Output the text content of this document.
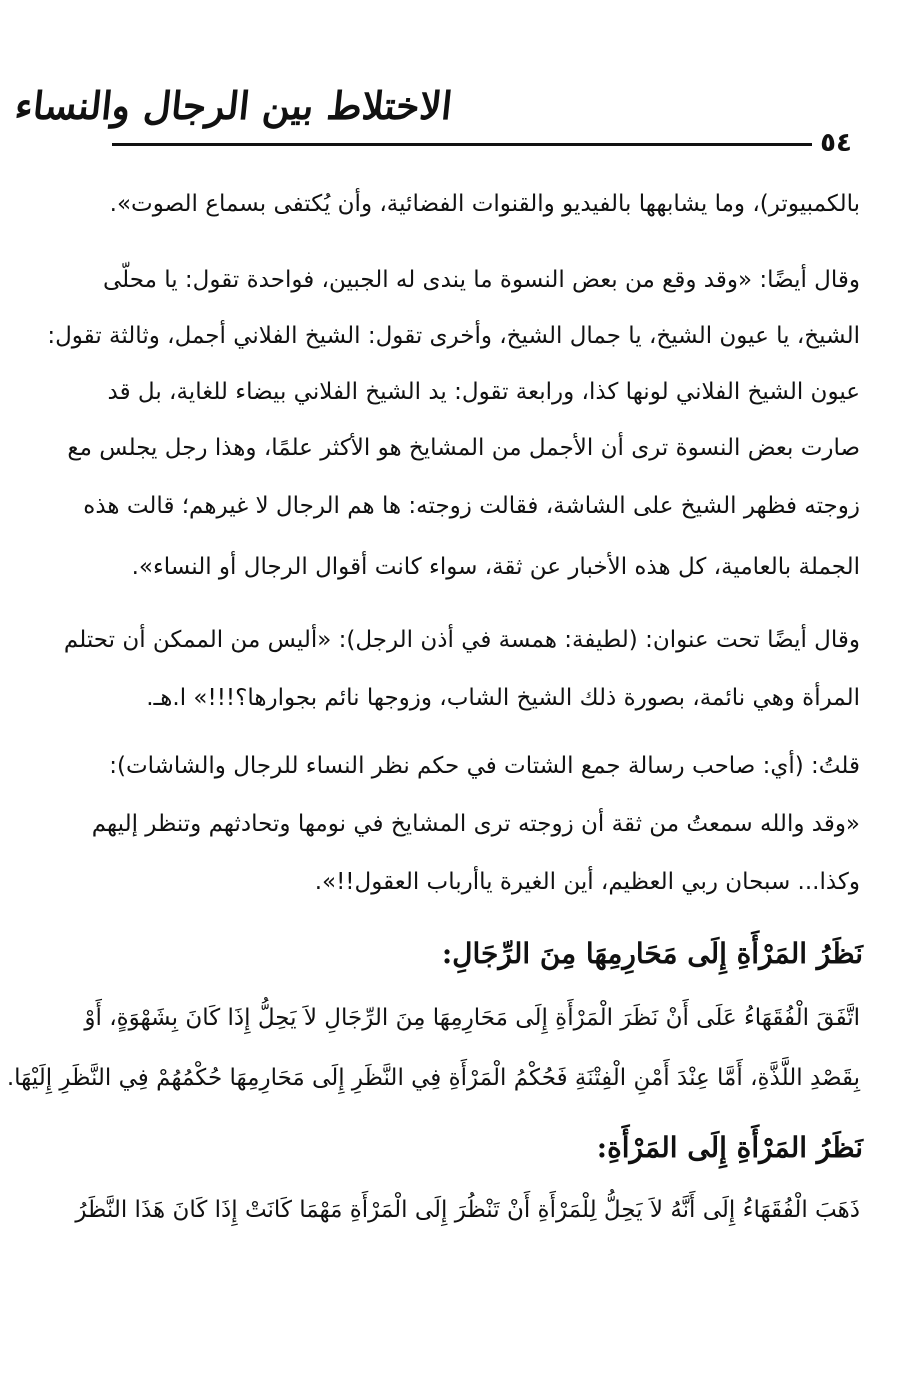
الاختلاط بين الرجال والنساء
٥٤
بالكمبيوتر)، وما يشابهها بالفيديو والقنوات الفضائية، وأن يُكتفى بسماع الصوت».
وقال أيضًا: «وقد وقع من بعض النسوة ما يندى له الجبين، فواحدة تقول: يا محلّى
الشيخ، يا عيون الشيخ، يا جمال الشيخ، وأخرى تقول: الشيخ الفلاني أجمل، وثالثة تقول:
عيون الشيخ الفلاني لونها كذا، ورابعة تقول: يد الشيخ الفلاني بيضاء للغاية، بل قد
صارت بعض النسوة ترى أن الأجمل من المشايخ هو الأكثر علمًا، وهذا رجل يجلس مع
زوجته فظهر الشيخ على الشاشة، فقالت زوجته: ها هم الرجال لا غيرهم؛ قالت هذه
الجملة بالعامية، كل هذه الأخبار عن ثقة، سواء كانت أقوال الرجال أو النساء».
وقال أيضًا تحت عنوان: (لطيفة: همسة في أذن الرجل): «أليس من الممكن أن تحتلم
المرأة وهي نائمة، بصورة ذلك الشيخ الشاب، وزوجها نائم بجوارها؟!!!» ا.هـ.
قلتُ: (أي: صاحب رسالة جمع الشتات في حكم نظر النساء للرجال والشاشات):
«وقد والله سمعتُ من ثقة أن زوجته ترى المشايخ في نومها وتحادثهم وتنظر إليهم
وكذا... سبحان ربي العظيم، أين الغيرة ياأرباب العقول!!».
نَظَرُ المَرْأَةِ إِلَى مَحَارِمِهَا مِنَ الرِّجَالِ:
اتَّفَقَ الْفُقَهَاءُ عَلَى أَنْ نَظَرَ الْمَرْأَةِ إِلَى مَحَارِمِهَا مِنَ الرِّجَالِ لاَ يَحِلُّ إِذَا كَانَ بِشَهْوَةٍ، أَوْ
بِقَصْدِ اللَّذَّةِ، أَمَّا عِنْدَ أَمْنِ الْفِتْنَةِ فَحُكْمُ الْمَرْأَةِ فِي النَّظَرِ إِلَى مَحَارِمِهَا حُكْمُهُمْ فِي النَّظَرِ إِلَيْهَا.
نَظَرُ المَرْأَةِ إِلَى المَرْأَةِ:
ذَهَبَ الْفُقَهَاءُ إِلَى أَنَّهُ لاَ يَحِلُّ لِلْمَرْأَةِ أَنْ تَنْظُرَ إِلَى الْمَرْأَةِ مَهْمَا كَانَتْ إِذَا كَانَ هَذَا النَّظَرُ
